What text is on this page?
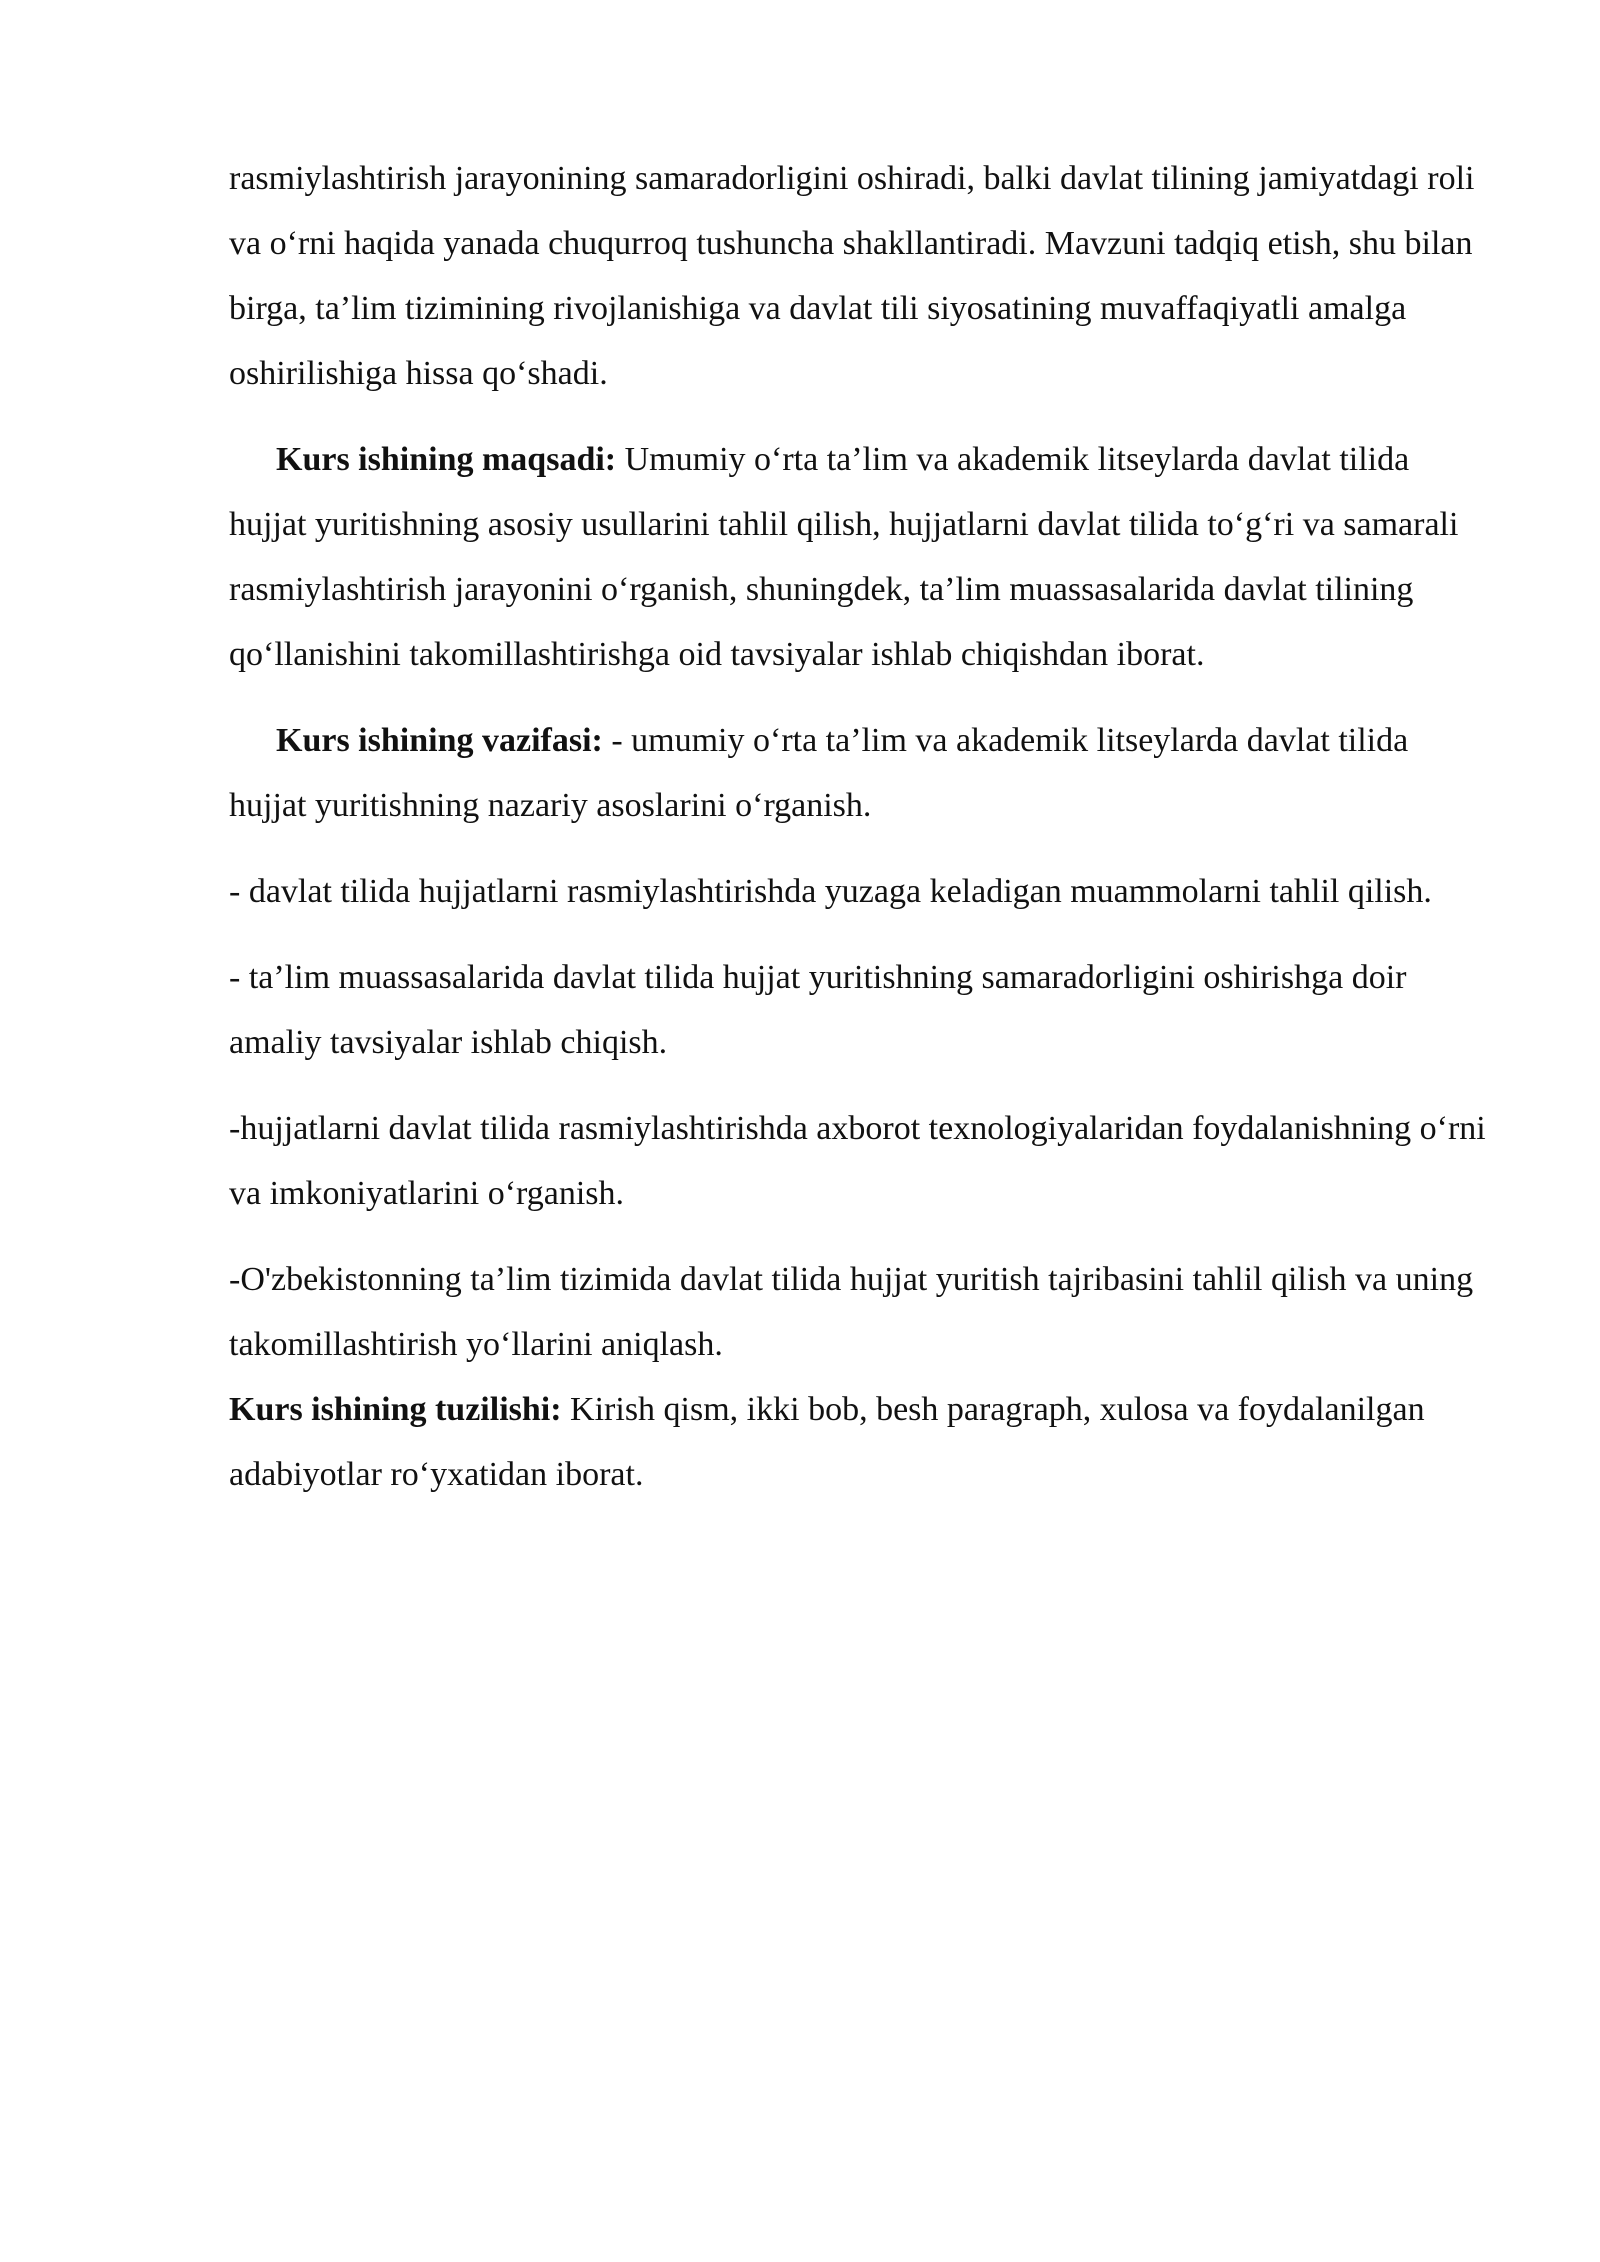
rasmiylashtirish jarayonining samaradorligini oshiradi, balki davlat tilining jamiyatdagi roli va o‘rni haqida yanada chuqurroq tushuncha shakllantiradi. Mavzuni tadqiq etish, shu bilan birga, ta’lim tizimining rivojlanishiga va davlat tili siyosatining muvaffaqiyatli amalga oshirilishiga hissa qo‘shadi.

Kurs ishining maqsadi: Umumiy o‘rta ta’lim va akademik litseylarda davlat tilida hujjat yuritishning asosiy usullarini tahlil qilish, hujjatlarni davlat tilida to‘g‘ri va samarali rasmiylashtirish jarayonini o‘rganish, shuningdek, ta’lim muassasalarida davlat tilining qo‘llanishini takomillashtirishga oid tavsiyalar ishlab chiqishdan iborat.

Kurs ishining vazifasi: - umumiy o‘rta ta’lim va akademik litseylarda davlat tilida hujjat yuritishning nazariy asoslarini o‘rganish.

- davlat tilida hujjatlarni rasmiylashtirishda yuzaga keladigan muammolarni tahlil qilish.

- ta’lim muassasalarida davlat tilida hujjat yuritishning samaradorligini oshirishga doir amaliy tavsiyalar ishlab chiqish.

-hujjatlarni davlat tilida rasmiylashtirishda axborot texnologiyalaridan foydalanishning o‘rni va imkoniyatlarini o‘rganish.

-O'zbekistonning ta’lim tizimida davlat tilida hujjat yuritish tajribasini tahlil qilish va uning takomillashtirish yo‘llarini aniqlash.

Kurs ishining tuzilishi: Kirish qism, ikki bob, besh paragraph, xulosa va foydalanilgan adabiyotlar ro‘yxatidan iborat.
